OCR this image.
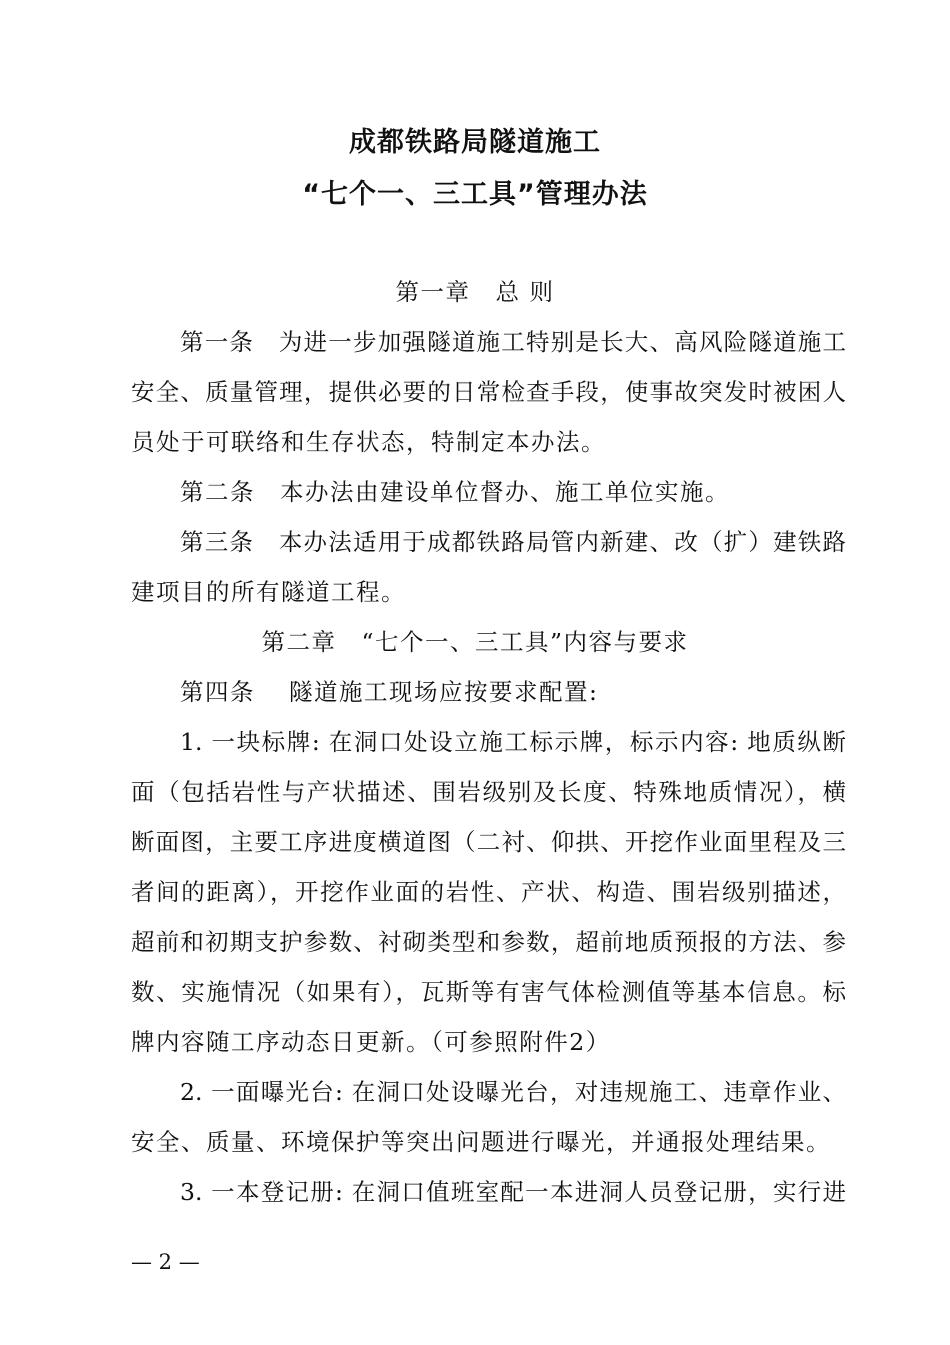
成都铁路局隧道施工
“七个一、三工具”管理办法
第一章　总 则
第一条　为进一步加强隧道施工特别是长大、高风险隧道施工
安全、质量管理，提供必要的日常检查手段，使事故突发时被困人
员处于可联络和生存状态，特制定本办法。
第二条　本办法由建设单位督办、施工单位实施。
第三条　本办法适用于成都铁路局管内新建、改（扩）建铁路
建项目的所有隧道工程。
第二章　“七个一、三工具”内容与要求
第四条　 隧道施工现场应按要求配置:
1. 一块标牌: 在洞口处设立施工标示牌，标示内容: 地质纵断
面（包括岩性与产状描述、围岩级别及长度、特殊地质情况），横
断面图，主要工序进度横道图（二衬、仰拱、开挖作业面里程及三
者间的距离），开挖作业面的岩性、产状、构造、围岩级别描述，
超前和初期支护参数、衬砌类型和参数，超前地质预报的方法、参
数、实施情况（如果有），瓦斯等有害气体检测值等基本信息。标
牌内容随工序动态日更新。（可参照附件2）
2. 一面曝光台: 在洞口处设曝光台，对违规施工、违章作业、
安全、质量、环境保护等突出问题进行曝光，并通报处理结果。
3. 一本登记册: 在洞口值班室配一本进洞人员登记册，实行进
— 2 —
